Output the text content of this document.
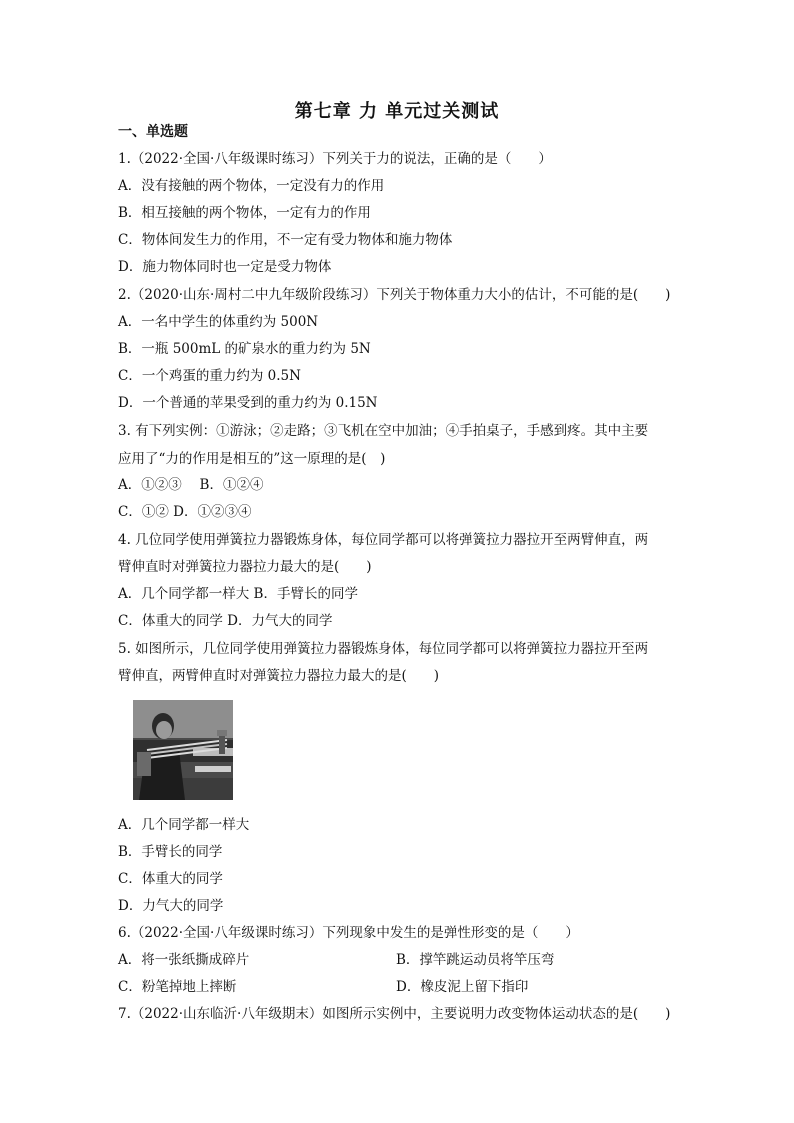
第七章 力 单元过关测试
一、单选题
1.（2022·全国·八年级课时练习）下列关于力的说法，正确的是（　　）
A．没有接触的两个物体，一定没有力的作用
B．相互接触的两个物体，一定有力的作用
C．物体间发生力的作用，不一定有受力物体和施力物体
D．施力物体同时也一定是受力物体
2.（2020·山东·周村二中九年级阶段练习）下列关于物体重力大小的估计，不可能的是(　　)
A．一名中学生的体重约为 500N
B．一瓶 500mL 的矿泉水的重力约为 5N
C．一个鸡蛋的重力约为 0.5N
D．一个普通的苹果受到的重力约为 0.15N
3. 有下列实例：①游泳；②走路；③飞机在空中加油；④手拍桌子，手感到疼。其中主要
应用了“力的作用是相互的”这一原理的是(　)
A．①②③　 B．①②④
C．①② D．①②③④
4. 几位同学使用弹簧拉力器锻炼身体，每位同学都可以将弹簧拉力器拉开至两臂伸直，两
臂伸直时对弹簧拉力器拉力最大的是(　　)
A．几个同学都一样大 B．手臂长的同学
C．体重大的同学 D．力气大的同学
5. 如图所示，几位同学使用弹簧拉力器锻炼身体，每位同学都可以将弹簧拉力器拉开至两
臂伸直，两臂伸直时对弹簧拉力器拉力最大的是(　　)
A．几个同学都一样大
B．手臂长的同学
C．体重大的同学
D．力气大的同学
6.（2022·全国·八年级课时练习）下列现象中发生的是弹性形变的是（　　）
A．将一张纸撕成碎片	B．撑竿跳运动员将竿压弯
C．粉笔掉地上摔断	D．橡皮泥上留下指印
7.（2022·山东临沂·八年级期末）如图所示实例中，主要说明力改变物体运动状态的是(　　)
